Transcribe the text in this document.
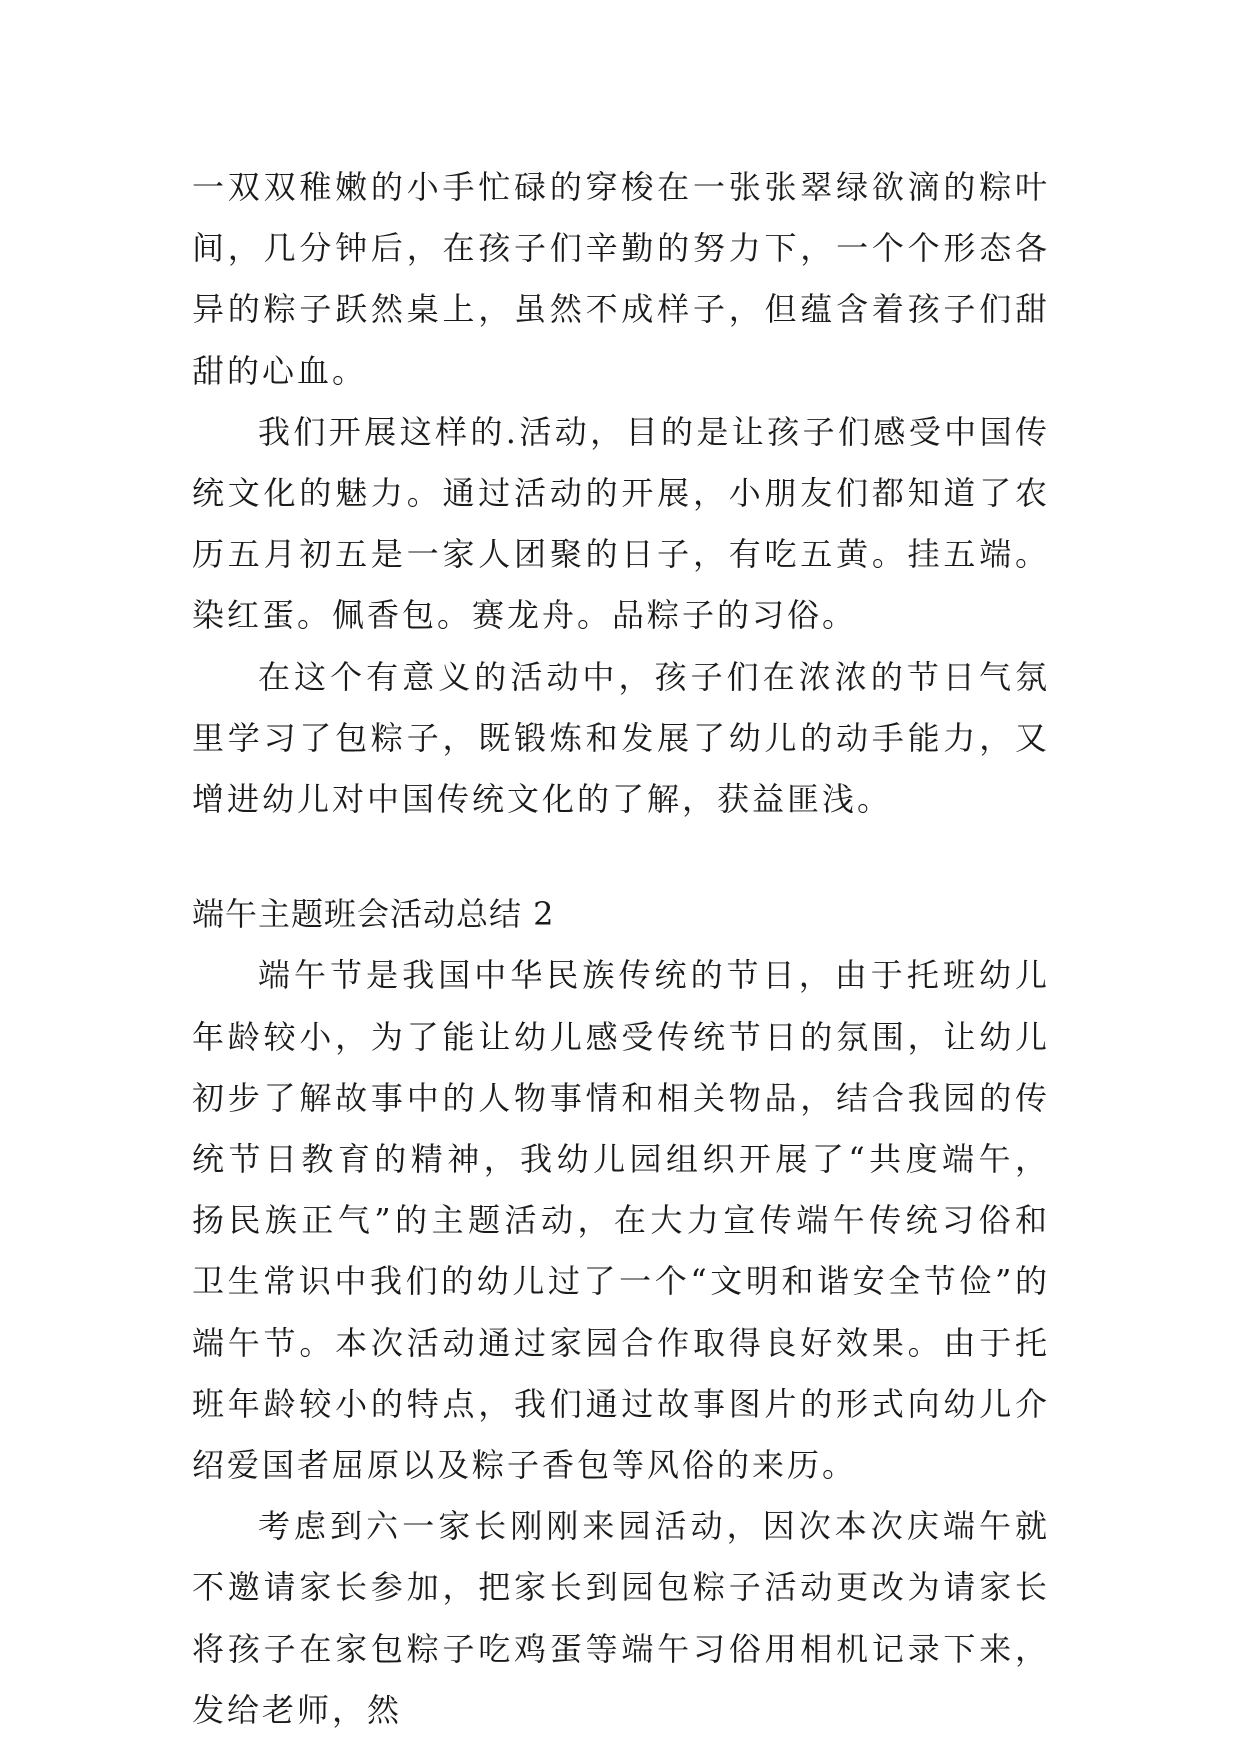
一双双稚嫩的小手忙碌的穿梭在一张张翠绿欲滴的粽叶间，几分钟后，在孩子们辛勤的努力下，一个个形态各异的粽子跃然桌上，虽然不成样子，但蕴含着孩子们甜甜的心血。

我们开展这样的.活动，目的是让孩子们感受中国传统文化的魅力。通过活动的开展，小朋友们都知道了农历五月初五是一家人团聚的日子，有吃五黄。挂五端。染红蛋。佩香包。赛龙舟。品粽子的习俗。

在这个有意义的活动中，孩子们在浓浓的节日气氛里学习了包粽子，既锻炼和发展了幼儿的动手能力，又增进幼儿对中国传统文化的了解，获益匪浅。

端午主题班会活动总结 2

端午节是我国中华民族传统的节日，由于托班幼儿年龄较小，为了能让幼儿感受传统节日的氛围，让幼儿初步了解故事中的人物事情和相关物品，结合我园的传统节日教育的精神，我幼儿园组织开展了“共度端午，扬民族正气”的主题活动，在大力宣传端午传统习俗和卫生常识中我们的幼儿过了一个“文明和谐安全节俭”的端午节。本次活动通过家园合作取得良好效果。由于托班年龄较小的特点，我们通过故事图片的形式向幼儿介绍爱国者屈原以及粽子香包等风俗的来历。

考虑到六一家长刚刚来园活动，因次本次庆端午就不邀请家长参加，把家长到园包粽子活动更改为请家长将孩子在家包粽子吃鸡蛋等端午习俗用相机记录下来，发给老师，然
